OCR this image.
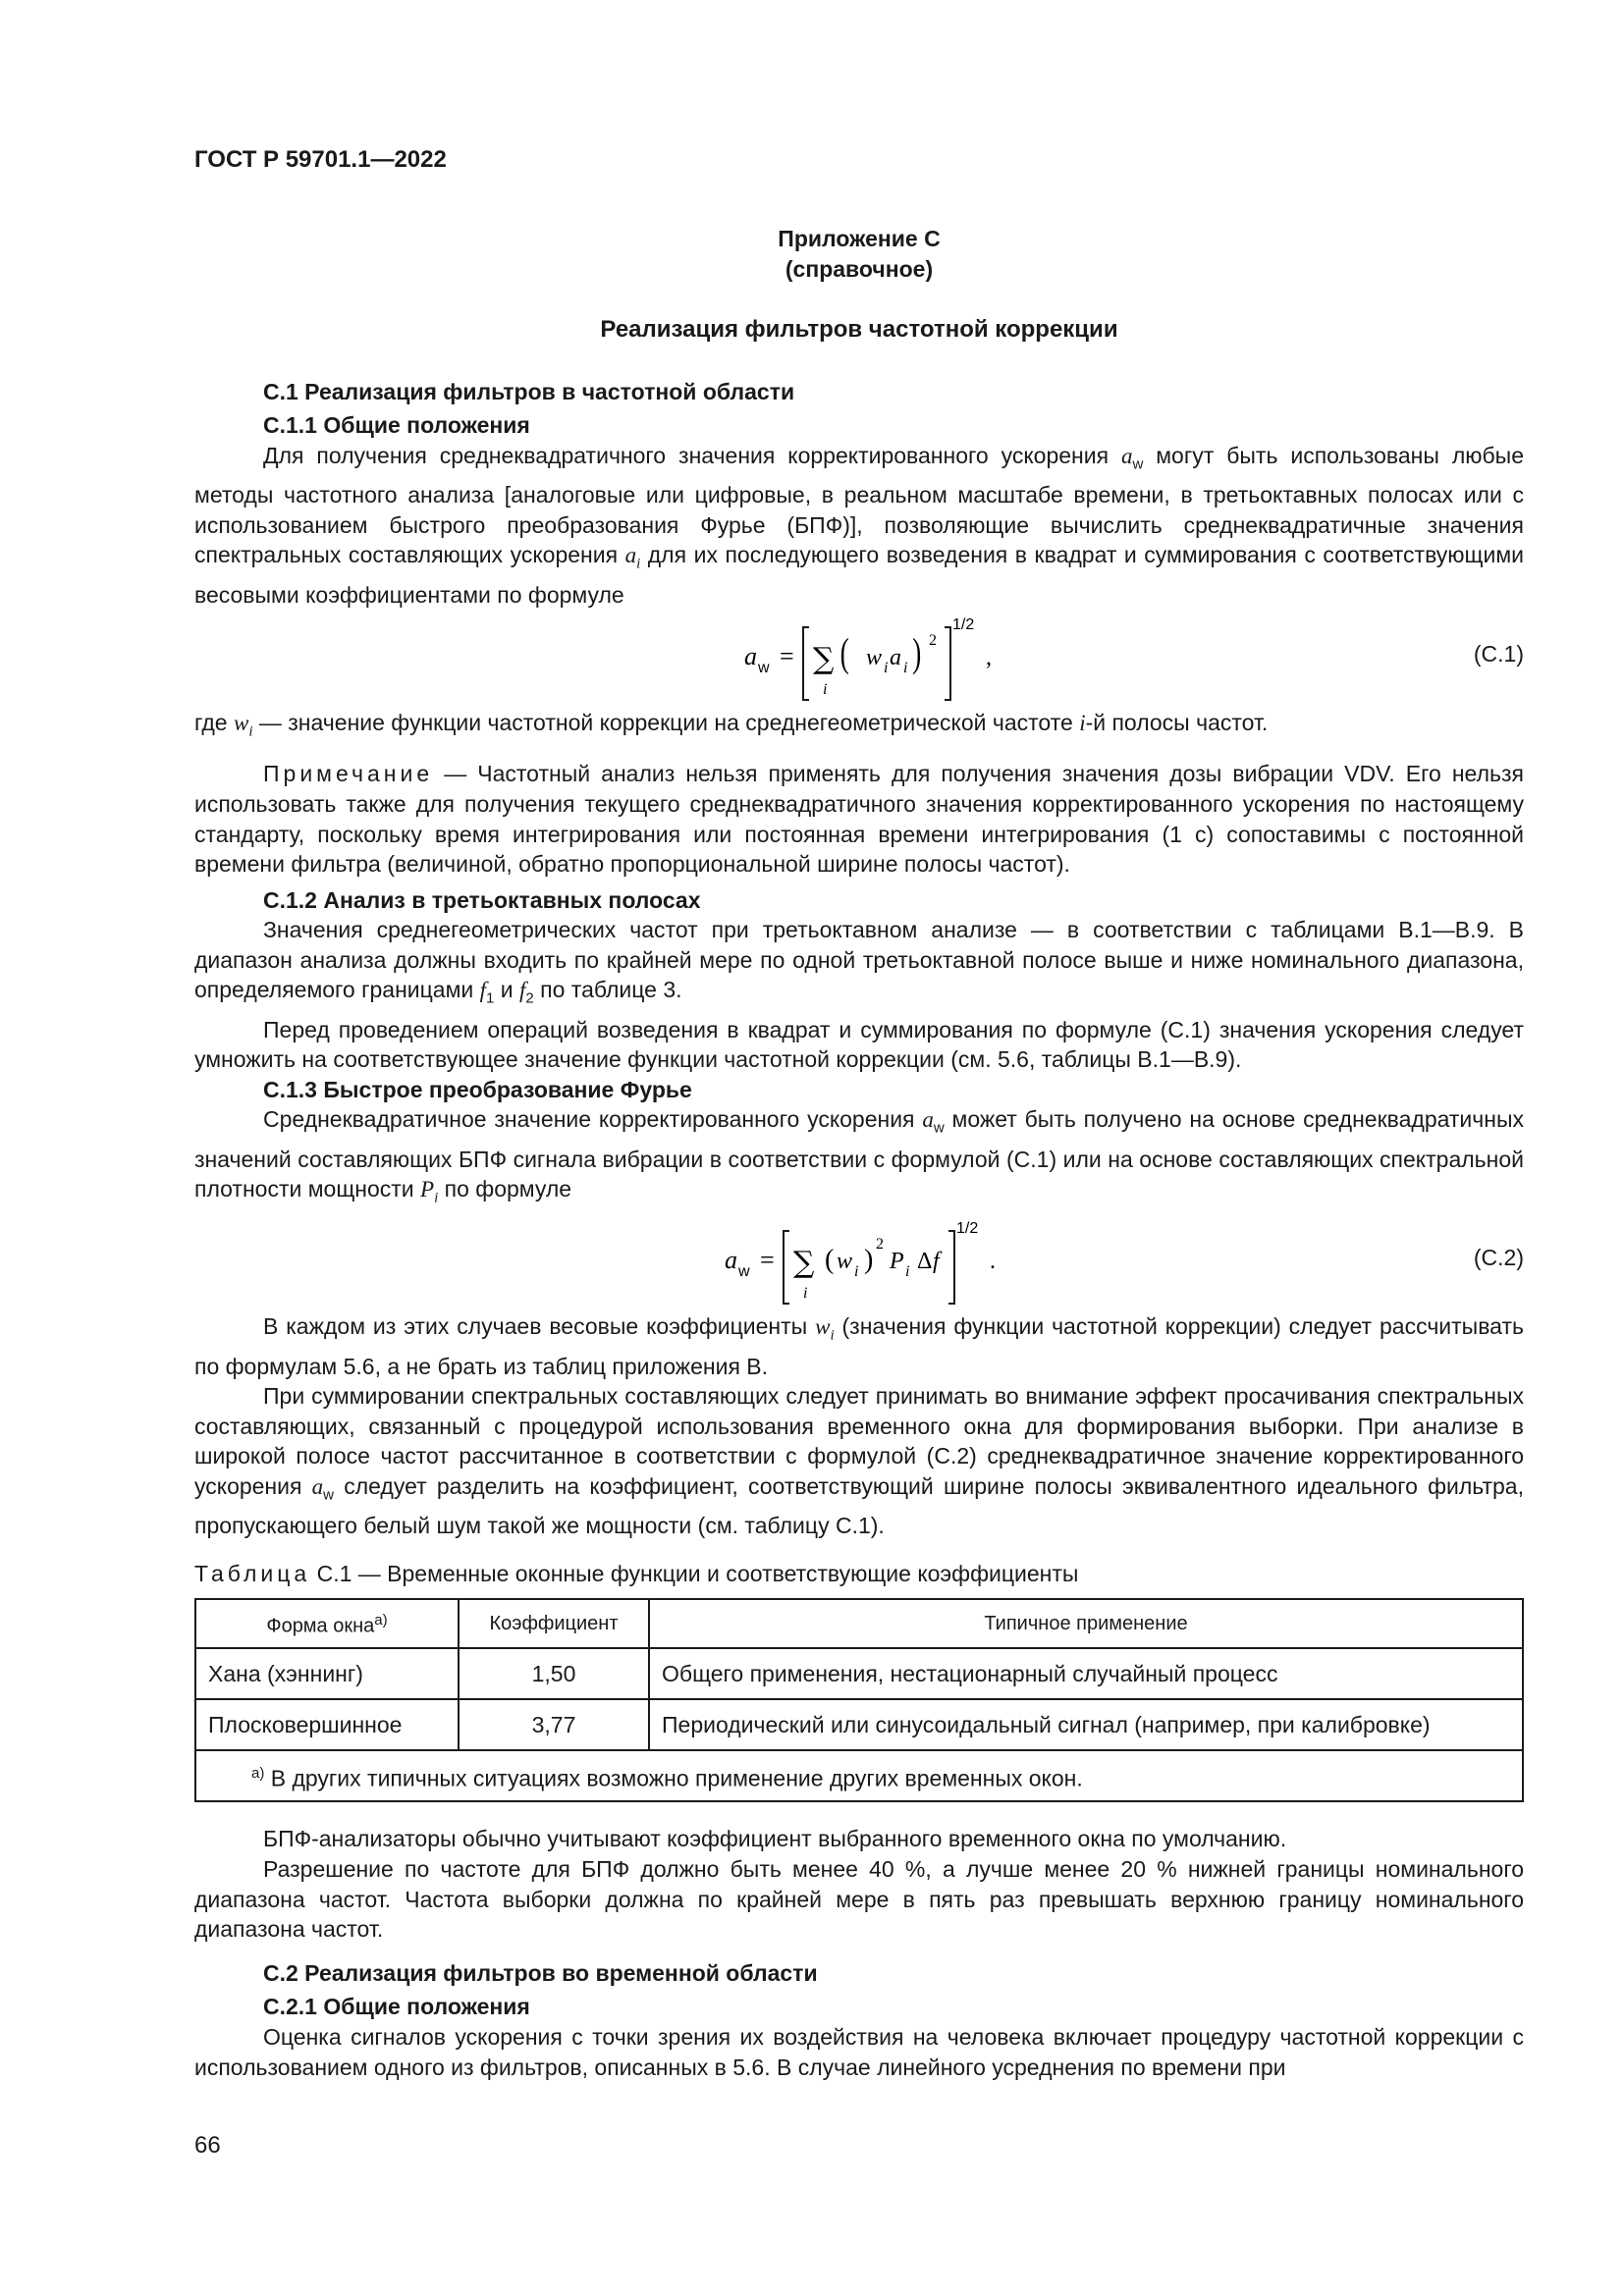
ГОСТ Р 59701.1—2022
Приложение С
(справочное)
Реализация фильтров частотной коррекции
С.1 Реализация фильтров в частотной области
С.1.1 Общие положения

Для получения среднеквадратичного значения корректированного ускорения $a_w$ могут быть использованы любые методы частотного анализа [аналоговые или цифровые, в реальном масштабе времени, в третьоктавных полосах или с использованием быстрого преобразования Фурье (БПФ)], позволяющие вычислить среднеквадратичные значения спектральных составляющих ускорения $a_i$ для их последующего возведения в квадрат и суммирования с соответствующими весовыми коэффициентами по формуле

a w = ∑
i
( w i a i ) 2
1/2
,	(С.1)

где $w_i$ — значение функции частотной коррекции на среднегеометрической частоте i-й полосы частот.

Примечание — Частотный анализ нельзя применять для получения значения дозы вибрации VDV. Его нельзя использовать также для получения текущего среднеквадратичного значения корректированного ускорения по настоящему стандарту, поскольку время интегрирования или постоянная времени интегрирования (1 с) сопоставимы с постоянной времени фильтра (величиной, обратно пропорциональной ширине полосы частот).

С.1.2 Анализ в третьоктавных полосах

Значения среднегеометрических частот при третьоктавном анализе — в соответствии с таблицами В.1—В.9. В диапазон анализа должны входить по крайней мере по одной третьоктавной полосе выше и ниже номинального диапазона, определяемого границами $f_1$ и $f_2$ по таблице 3.

Перед проведением операций возведения в квадрат и суммирования по формуле (С.1) значения ускорения следует умножить на соответствующее значение функции частотной коррекции (см. 5.6, таблицы В.1—В.9).

С.1.3 Быстрое преобразование Фурье

Среднеквадратичное значение корректированного ускорения $a_w$ может быть получено на основе среднеквадратичных значений составляющих БПФ сигнала вибрации в соответствии с формулой (С.1) или на основе составляющих спектральной плотности мощности $P_i$ по формуле

a w = ∑
i
( w i )
2
P i Δ f
1/2
.	(С.2)

В каждом из этих случаев весовые коэффициенты $w_i$ (значения функции частотной коррекции) следует рассчитывать по формулам 5.6, а не брать из таблиц приложения В.

При суммировании спектральных составляющих следует принимать во внимание эффект просачивания спектральных составляющих, связанный с процедурой использования временного окна для формирования выборки. При анализе в широкой полосе частот рассчитанное в соответствии с формулой (С.2) среднеквадратичное значение корректированного ускорения $a_w$ следует разделить на коэффициент, соответствующий ширине полосы эквивалентного идеального фильтра, пропускающего белый шум такой же мощности (см. таблицу С.1).

Таблица С.1 — Временные оконные функции и соответствующие коэффициенты
Форма окна$^{а)}$	Коэффициент	Типичное применение
Хана (хэннинг)	1,50	Общего применения, нестационарный случайный процесс
Плосковершинное	3,77	Периодический или синусоидальный сигнал (например, при калибровке)
$^{а)}$ В других типичных ситуациях возможно применение других временных окон.		

БПФ-анализаторы обычно учитывают коэффициент выбранного временного окна по умолчанию.

Разрешение по частоте для БПФ должно быть менее 40 %, а лучше менее 20 % нижней границы номинального диапазона частот. Частота выборки должна по крайней мере в пять раз превышать верхнюю границу номинального диапазона частот.

С.2 Реализация фильтров во временной области
С.2.1 Общие положения

Оценка сигналов ускорения с точки зрения их воздействия на человека включает процедуру частотной коррекции с использованием одного из фильтров, описанных в 5.6. В случае линейного усреднения по времени при

66
